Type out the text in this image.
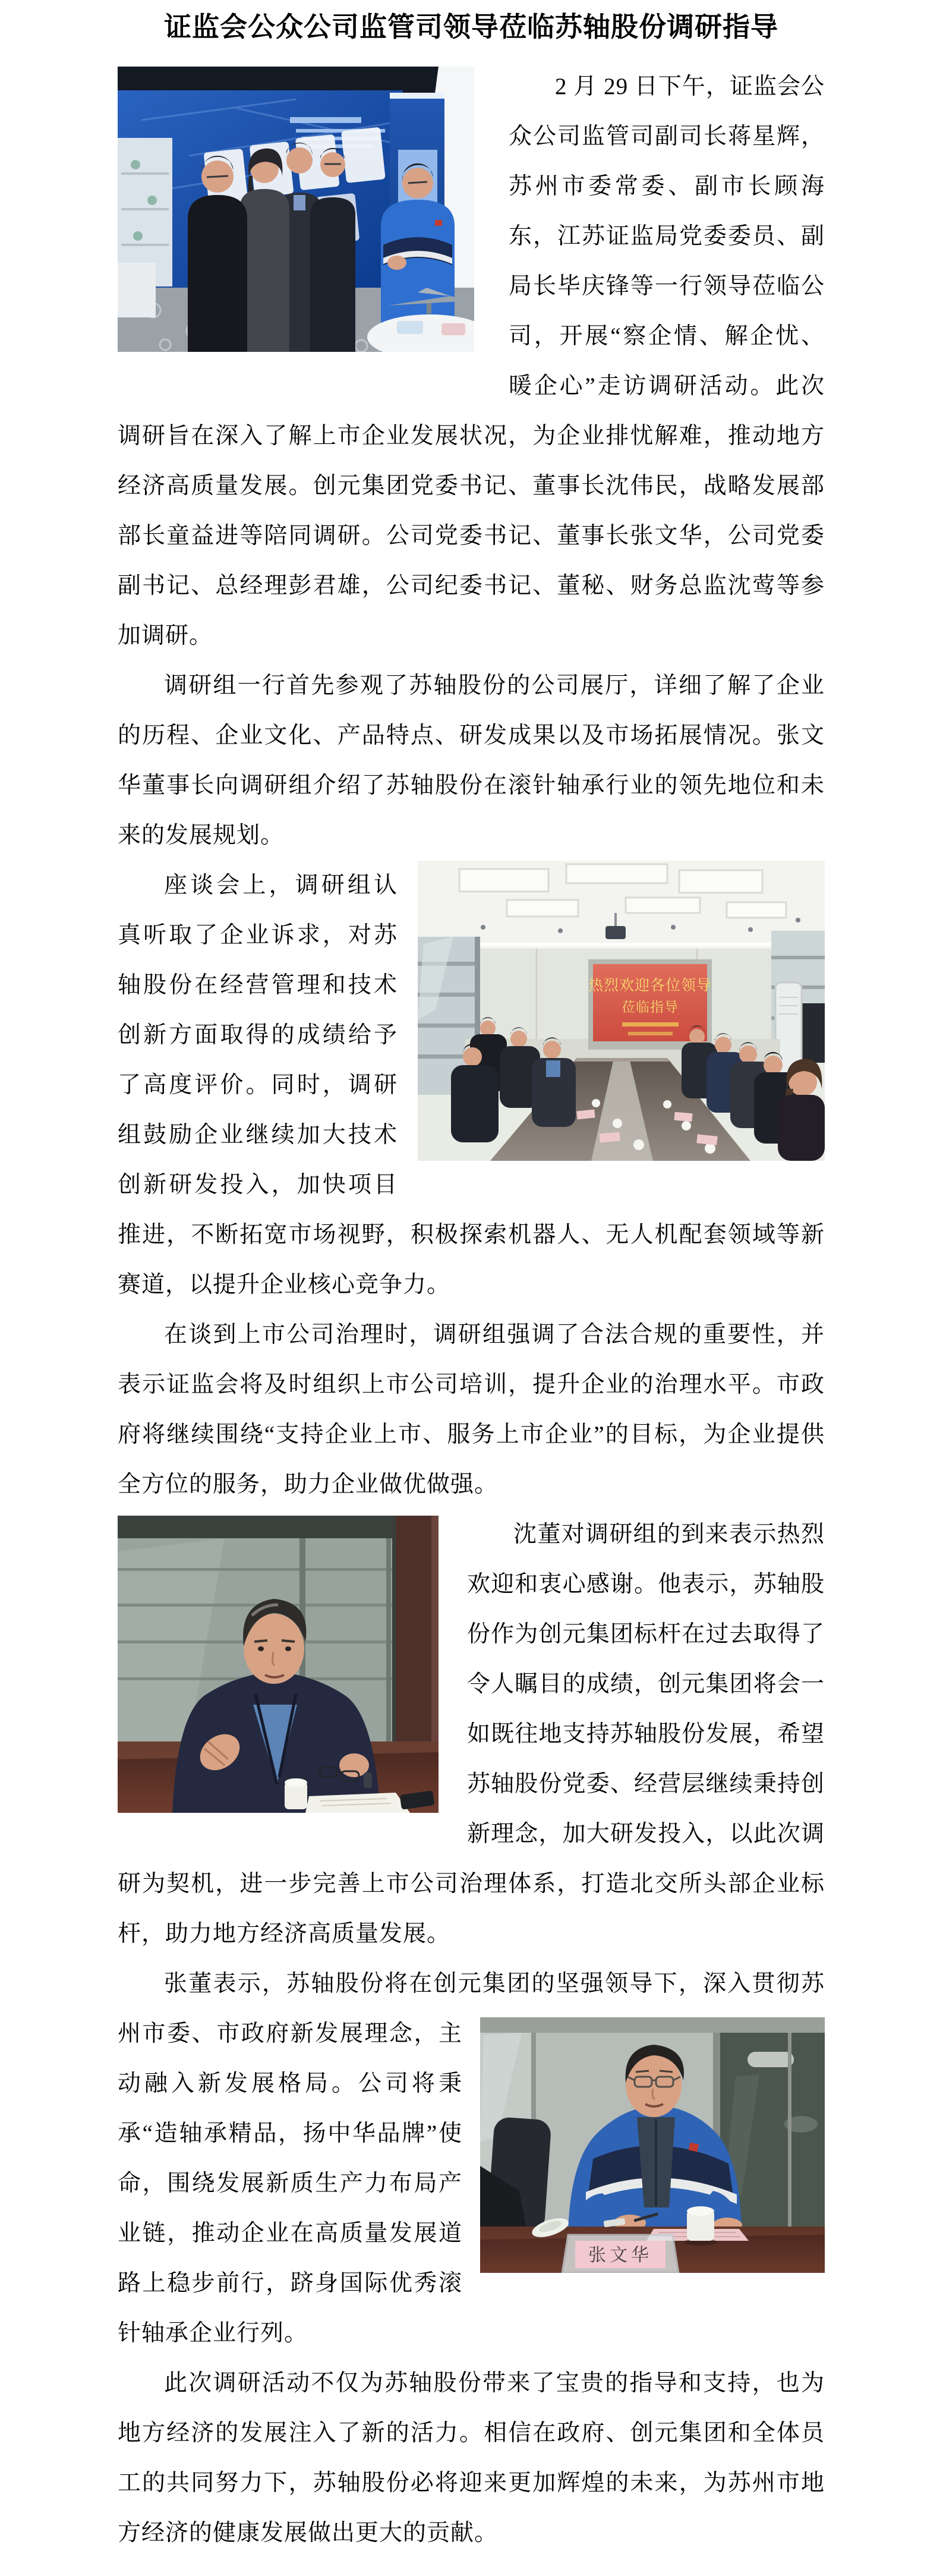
证监会公众公司监管司领导莅临苏轴股份调研指导

2 月 29 日下午，证监会公众公司监管司副司长蒋星辉，苏州市委常委、副市长顾海东，江苏证监局党委委员、副局长毕庆锋等一行领导莅临公司，开展“察企情、解企忧、暖企心”走访调研活动。此次调研旨在深入了解上市企业发展状况，为企业排忧解难，推动地方经济高质量发展。创元集团党委书记、董事长沈伟民，战略发展部部长童益进等陪同调研。公司党委书记、董事长张文华，公司党委副书记、总经理彭君雄，公司纪委书记、董秘、财务总监沈莺等参加调研。

调研组一行首先参观了苏轴股份的公司展厅，详细了解了企业的历程、企业文化、产品特点、研发成果以及市场拓展情况。张文华董事长向调研组介绍了苏轴股份在滚针轴承行业的领先地位和未来的发展规划。

热烈欢迎各位领导
莅临指导
座谈会上，调研组认真听取了企业诉求，对苏轴股份在经营管理和技术创新方面取得的成绩给予了高度评价。同时，调研组鼓励企业继续加大技术创新研发投入，加快项目推进，不断拓宽市场视野，积极探索机器人、无人机配套领域等新赛道，以提升企业核心竞争力。

在谈到上市公司治理时，调研组强调了合法合规的重要性，并表示证监会将及时组织上市公司培训，提升企业的治理水平。市政府将继续围绕“支持企业上市、服务上市企业”的目标，为企业提供全方位的服务，助力企业做优做强。

沈董对调研组的到来表示热烈欢迎和衷心感谢。他表示，苏轴股份作为创元集团标杆在过去取得了令人瞩目的成绩，创元集团将会一如既往地支持苏轴股份发展，希望苏轴股份党委、经营层继续秉持创新理念，加大研发投入，以此次调研为契机，进一步完善上市公司治理体系，打造北交所头部企业标杆，助力地方经济高质量发展。

张董表示，苏轴股份将在创元集团的坚强领导下，深入贯彻苏州
张文华
市委、市政府新发展理念，主动融入新发展格局。公司将秉承“造轴承精品，扬中华品牌”使命，围绕发展新质生产力布局产业链，推动企业在高质量发展道路上稳步前行，跻身国际优秀滚针轴承企业行列。

此次调研活动不仅为苏轴股份带来了宝贵的指导和支持，也为地方经济的发展注入了新的活力。相信在政府、创元集团和全体员工的共同努力下，苏轴股份必将迎来更加辉煌的未来，为苏州市地方经济的健康发展做出更大的贡献。
